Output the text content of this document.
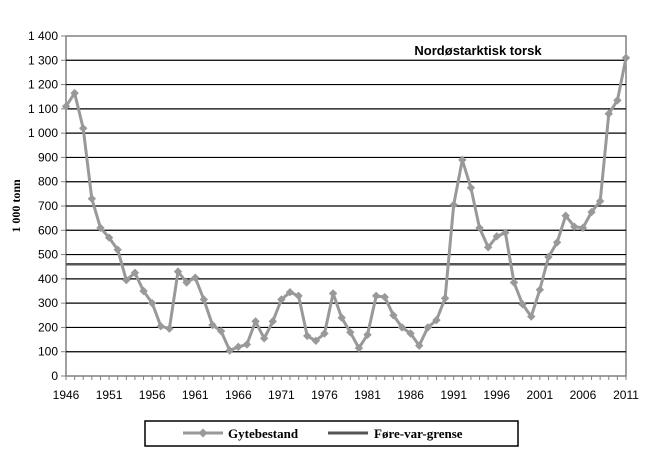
0
100
200
300
400
500
600
700
800
900
1 000
1 100
1 200
1 300
1 400
1946 1951 1956 1961 1966 1971 1976 1981 1986 1991 1996 2001 2006 2011
Nordøstarktisk torsk
1 000 tonn
Gytebestand	Føre-var-grense
